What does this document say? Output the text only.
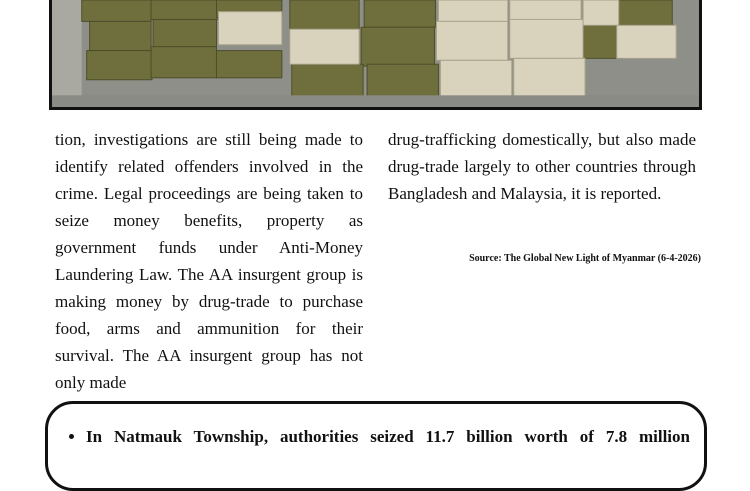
tion, investigations are still being made to identify related offenders involved in the crime. Legal proceedings are being taken to seize money benefits, property as government funds under Anti-Money Laundering Law. The AA insurgent group is making money by drug-trade to purchase food, arms and ammunition for their survival. The AA insurgent group has not only made

drug-trafficking domestically, but also made drug-trade largely to other countries through Bangladesh and Malaysia, it is reported.

Source: The Global New Light of Myanmar (6-4-2026)
• In Natmauk Township, authorities seized 11.7 billion worth of 7.8 million
